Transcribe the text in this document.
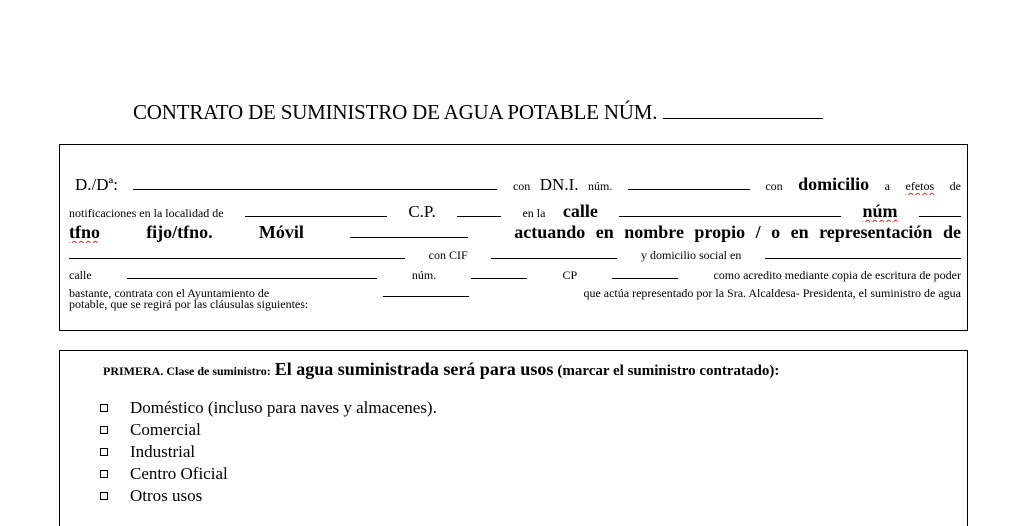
CONTRATO DE SUMINISTRO DE AGUA POTABLE NÚM.
D./Dª:	con DN.I. núm.	con domicilio a efetos de
notificaciones en la localidad de	C.P.	en la calle	núm
tfno	fijo/tfno.	Móvil	actuando en nombre propio / o en representación de
con CIF	y domicilio social en
calle	núm.	CP	como acredito mediante copia de escritura de poder
bastante, contrata con el Ayuntamiento de	que actúa representado por la Sra. Alcaldesa- Presidenta, el suministro de agua
potable, que se regirá por las cláusulas siguientes:
PRIMERA. Clase de suministro: El agua suministrada será para usos (marcar el suministro contratado):
Doméstico (incluso para naves y almacenes).
Comercial
Industrial
Centro Oficial
Otros usos
